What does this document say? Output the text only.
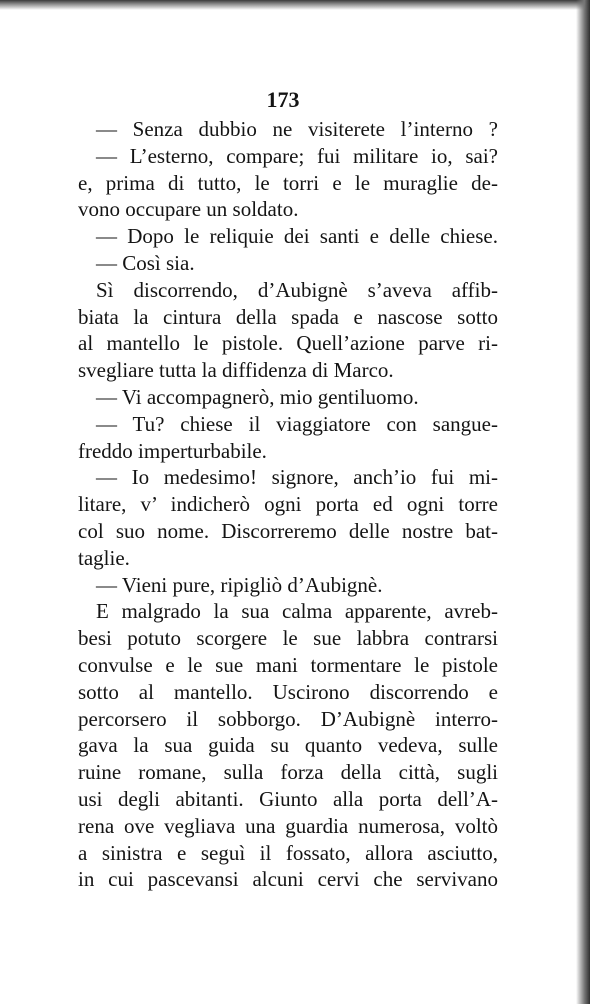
173
— Senza dubbio ne visiterete l’interno ?
— L’esterno, compare; fui militare io, sai?
e, prima di tutto, le torri e le muraglie de-
vono occupare un soldato.
— Dopo le reliquie dei santi e delle chiese.
— Così sia.
Sì discorrendo, d’Aubignè s’aveva affib-
biata la cintura della spada e nascose sotto
al mantello le pistole. Quell’azione parve ri-
svegliare tutta la diffidenza di Marco.
— Vi accompagnerò, mio gentiluomo.
— Tu? chiese il viaggiatore con sangue-
freddo imperturbabile.
— Io medesimo! signore, anch’io fui mi-
litare, v’ indicherò ogni porta ed ogni torre
col suo nome. Discorreremo delle nostre bat-
taglie.
— Vieni pure, ripigliò d’Aubignè.
E malgrado la sua calma apparente, avreb-
besi potuto scorgere le sue labbra contrarsi
convulse e le sue mani tormentare le pistole
sotto al mantello. Uscirono discorrendo e
percorsero il sobborgo. D’Aubignè interro-
gava la sua guida su quanto vedeva, sulle
ruine romane, sulla forza della città, sugli
usi degli abitanti. Giunto alla porta dell’A-
rena ove vegliava una guardia numerosa, voltò
a sinistra e seguì il fossato, allora asciutto,
in cui pascevansi alcuni cervi che servivano
